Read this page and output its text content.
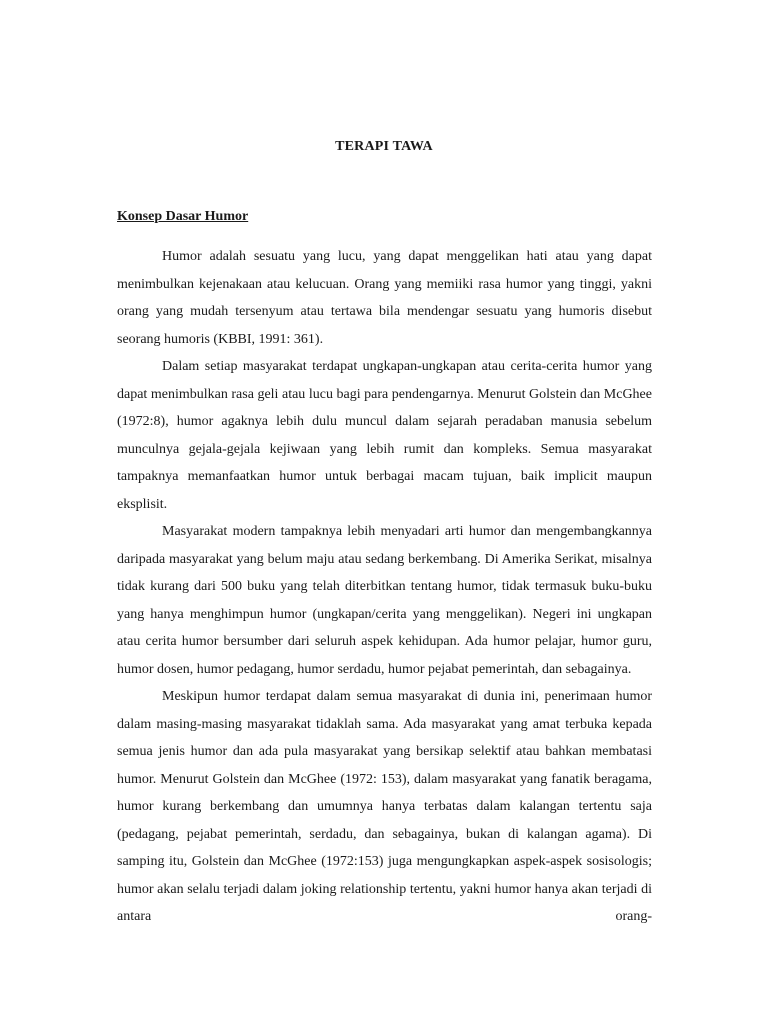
TERAPI TAWA
Konsep Dasar Humor

Humor adalah sesuatu yang lucu, yang dapat menggelikan hati atau yang dapat menimbulkan kejenakaan atau kelucuan. Orang yang memiiki rasa humor yang tinggi, yakni orang yang mudah tersenyum atau tertawa bila mendengar sesuatu yang humoris disebut seorang humoris (KBBI, 1991: 361).

Dalam setiap masyarakat terdapat ungkapan-ungkapan atau cerita-cerita humor yang dapat menimbulkan rasa geli atau lucu bagi para pendengarnya. Menurut Golstein dan McGhee (1972:8), humor agaknya lebih dulu muncul dalam sejarah peradaban manusia sebelum munculnya gejala-gejala kejiwaan yang lebih rumit dan kompleks. Semua masyarakat tampaknya memanfaatkan humor untuk berbagai macam tujuan, baik implicit maupun eksplisit.

Masyarakat modern tampaknya lebih menyadari arti humor dan mengembangkannya daripada masyarakat yang belum maju atau sedang berkembang. Di Amerika Serikat, misalnya tidak kurang dari 500 buku yang telah diterbitkan tentang humor, tidak termasuk buku-buku yang hanya menghimpun humor (ungkapan/cerita yang menggelikan). Negeri ini ungkapan atau cerita humor bersumber dari seluruh aspek kehidupan. Ada humor pelajar, humor guru, humor dosen, humor pedagang, humor serdadu, humor pejabat pemerintah, dan sebagainya.

Meskipun humor terdapat dalam semua masyarakat di dunia ini, penerimaan humor dalam masing-masing masyarakat tidaklah sama. Ada masyarakat yang amat terbuka kepada semua jenis humor dan ada pula masyarakat yang bersikap selektif atau bahkan membatasi humor. Menurut Golstein dan McGhee (1972: 153), dalam masyarakat yang fanatik beragama, humor kurang berkembang dan umumnya hanya terbatas dalam kalangan tertentu saja (pedagang, pejabat pemerintah, serdadu, dan sebagainya, bukan di kalangan agama). Di samping itu, Golstein dan McGhee (1972:153) juga mengungkapkan aspek-aspek sosisologis; humor akan selalu terjadi dalam joking relationship tertentu, yakni humor hanya akan terjadi di antara orang-
